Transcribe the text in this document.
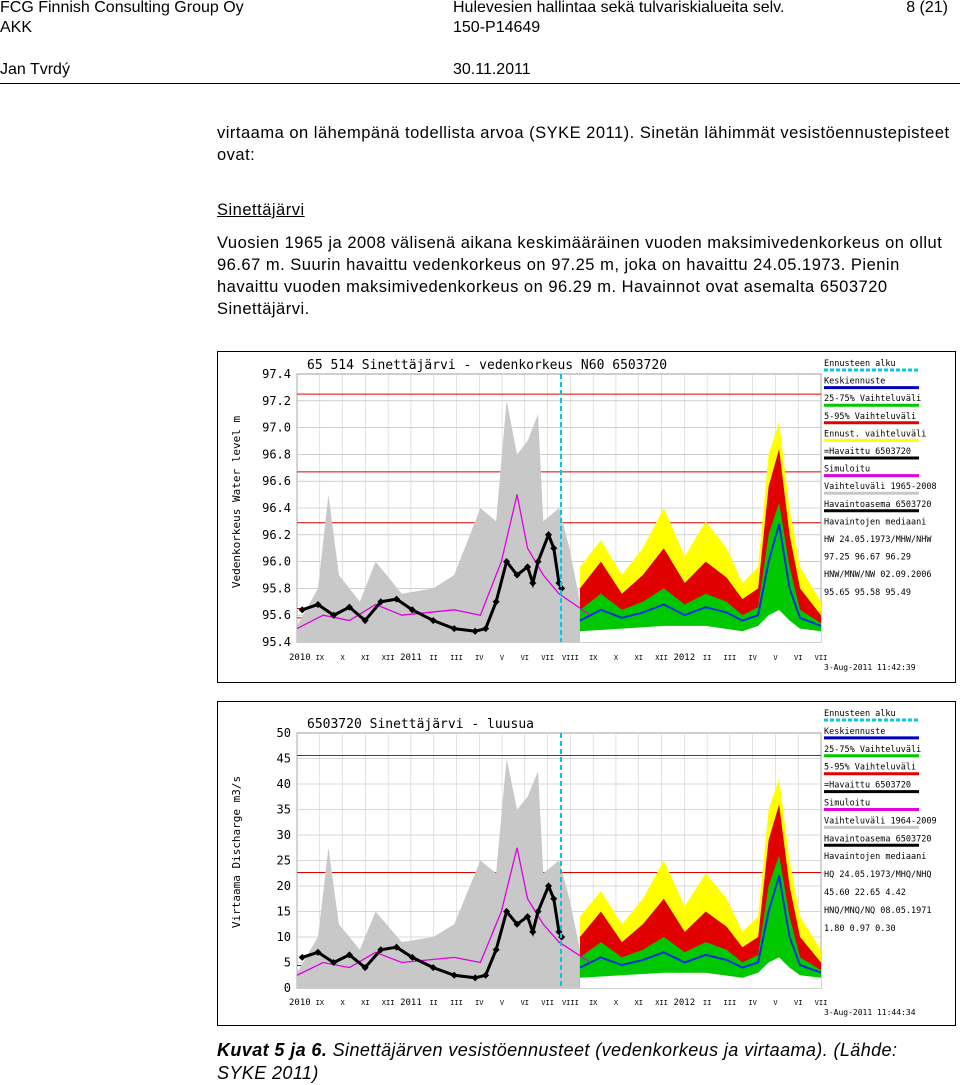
FCG Finnish Consulting Group Oy
AKK
Hulevesien hallintaa sekä tulvariskialueita selv.
150-P14649
8 (21)
Jan Tvrdý	30.11.2011
virtaama on lähempänä todellista arvoa (SYKE 2011). Sinetän lähimmät vesistöennustepisteet ovat:
Sinettäjärvi
Vuosien 1965 ja 2008 välisenä aikana keskimääräinen vuoden maksimivedenkorkeus on ollut 96.67 m. Suurin havaittu vedenkorkeus on 97.25 m, joka on havaittu 24.05.1973. Pienin havaittu vuoden maksimivedenkorkeus on 96.29 m. Havainnot ovat asemalta 6503720 Sinettäjärvi.
97.4
97.2
97.0
96.8
96.6
96.4
96.2
96.0
95.8
95.6
95.4
2010 IX X XI XII 2011 II III IV V VI VII VIII IX X XI XII 2012 II III IV V VI VII
65 514 Sinettäjärvi - vedenkorkeus N60 6503720
Vedenkorkeus Water level m
Ennusteen alku
Keskiennuste
25-75% Vaihteluväli
5-95% Vaihteluväli
Ennust. vaihteluväli
=Havaittu 6503720
Simuloitu
Vaihteluväli 1965-2008
Havaintoasema 6503720
Havaintojen mediaani
HW 24.05.1973/MHW/NHW
97.25 96.67 96.29
HNW/MNW/NW 02.09.2006
95.65 95.58 95.49
3-Aug-2011 11:42:39
50
45
40
35
30
25
20
15
10
5
0
2010 IX X XI XII 2011 II III IV V VI VII VIII IX X XI XII 2012 II III IV V VI VII
6503720 Sinettäjärvi - luusua
Virtaama Discharge m3/s
Ennusteen alku
Keskiennuste
25-75% Vaihteluväli
5-95% Vaihteluväli
=Havaittu 6503720
Simuloitu
Vaihteluväli 1964-2009
Havaintoasema 6503720
Havaintojen mediaani
HQ 24.05.1973/MHQ/NHQ
45.60 22.65 4.42
HNQ/MNQ/NQ 08.05.1971
1.80 0.97 0.30
3-Aug-2011 11:44:34
Kuvat 5 ja 6. Sinettäjärven vesistöennusteet (vedenkorkeus ja virtaama). (Lähde: SYKE 2011)
